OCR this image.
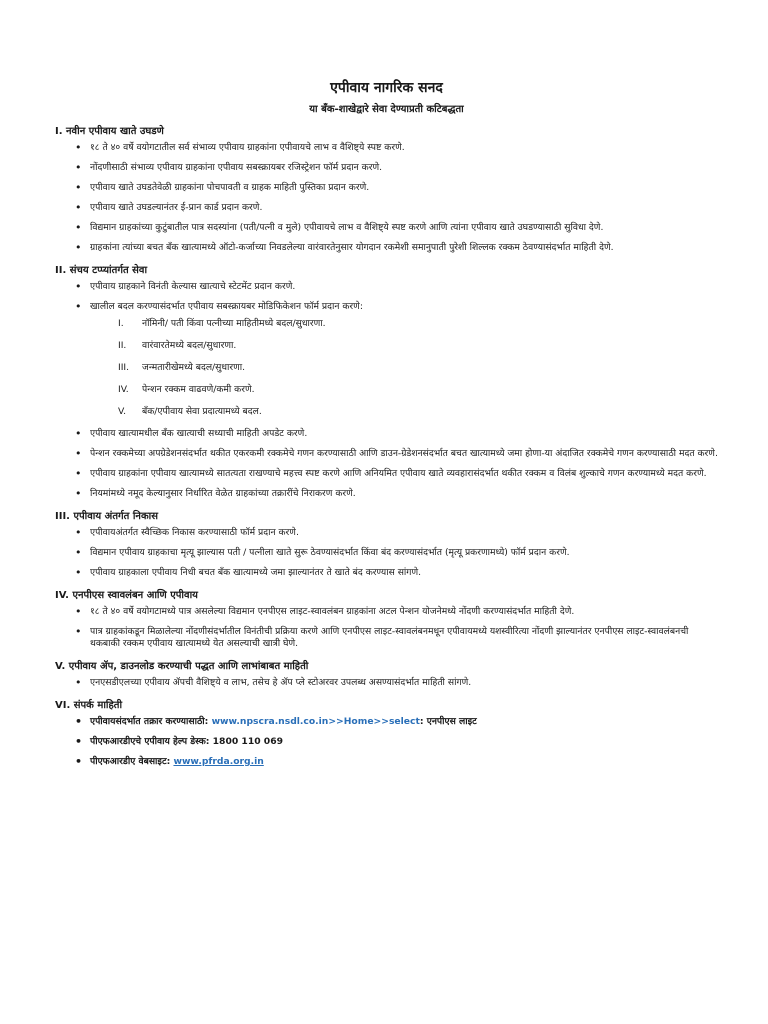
एपीवाय नागरिक सनद
या बँक-शाखेद्वारे सेवा देण्याप्रती कटिबद्धता
I. नवीन एपीवाय खाते उघडणे
• १८ ते ४० वर्षे वयोगटातील सर्व संभाव्य एपीवाय ग्राहकांना एपीवायचे लाभ व वैशिष्ट्ये स्पष्ट करणे.
• नोंदणीसाठी संभाव्य एपीवाय ग्राहकांना एपीवाय सबस्क्रायबर रजिस्ट्रेशन फॉर्म प्रदान करणे.
• एपीवाय खाते उघडतेवेळी ग्राहकांना पोचपावती व ग्राहक माहिती पुस्तिका प्रदान करणे.
• एपीवाय खाते उघडल्यानंतर ई-प्रान कार्ड प्रदान करणे.
• विद्यमान ग्राहकांच्या कुटुंबातील पात्र सदस्यांना (पती/पत्नी व मुले) एपीवायचे लाभ व वैशिष्ट्ये स्पष्ट करणे आणि त्यांना एपीवाय खाते उघडण्यासाठी सुविधा देणे.
• ग्राहकांना त्यांच्या बचत बँक खात्यामध्ये ऑटो-कर्जाच्या निवडलेल्या वारंवारतेनुसार योगदान रकमेशी समानुपाती पुरेशी शिल्लक रक्कम ठेवण्यासंदर्भात माहिती देणे.
II. संचय टप्प्यांतर्गत सेवा
• एपीवाय ग्राहकाने विनंती केल्यास खात्याचे स्टेटमेंट प्रदान करणे.
• खालील बदल करण्यासंदर्भात एपीवाय सबस्क्रायबर मोडिफिकेशन फॉर्म प्रदान करणे:
I. नॉमिनी/ पती किंवा पत्नीच्या माहितीमध्ये बदल/सुधारणा.
II. वारंवारतेमध्ये बदल/सुधारणा.
III. जन्मतारीखेमध्ये बदल/सुधारणा.
IV. पेन्शन रक्कम वाढवणे/कमी करणे.
V. बँक/एपीवाय सेवा प्रदात्यामध्ये बदल.
• एपीवाय खात्यामधील बँक खात्याची सध्याची माहिती अपडेट करणे.
• पेन्शन रक्कमेच्या अपग्रेडेशनसंदर्भात थकीत एकरकमी रक्कमेचे गणन करण्यासाठी आणि डाउन-ग्रेडेशनसंदर्भात बचत खात्यामध्ये जमा होणा-या अंदाजित रक्कमेचे गणन करण्यासाठी मदत करणे.
• एपीवाय ग्राहकांना एपीवाय खात्यामध्ये सातत्यता राखण्याचे महत्त्व स्पष्ट करणे आणि अनियमित एपीवाय खाते व्यवहारासंदर्भात थकीत रक्कम व विलंब शुल्काचे गणन करण्यामध्ये मदत करणे.
• नियमांमध्ये नमूद केल्यानुसार निर्धारित वेळेत ग्राहकांच्या तक्रारींचे निराकरण करणे.
III. एपीवाय अंतर्गत निकास
• एपीवायअंतर्गत स्वैच्छिक निकास करण्यासाठी फॉर्म प्रदान करणे.
• विद्यमान एपीवाय ग्राहकाचा मृत्यू झाल्यास पती / पत्नीला खाते सुरू ठेवण्यासंदर्भात किंवा बंद करण्यासंदर्भात (मृत्यू प्रकरणामध्ये) फॉर्म प्रदान करणे.
• एपीवाय ग्राहकाला एपीवाय निधी बचत बँक खात्यामध्ये जमा झाल्यानंतर ते खाते बंद करण्यास सांगणे.
IV. एनपीएस स्वावलंबन आणि एपीवाय
• १८ ते ४० वर्षे वयोगटामध्ये पात्र असलेल्या विद्यमान एनपीएस लाइट-स्वावलंबन ग्राहकांना अटल पेन्शन योजनेमध्ये नोंदणी करण्यासंदर्भात माहिती देणे.
• पात्र ग्राहकांकडून मिळालेल्या नोंदणीसंदर्भातील विनंतीची प्रक्रिया करणे आणि एनपीएस लाइट-स्वावलंबनमधून एपीवायमध्ये यशस्वीरित्या नोंदणी झाल्यानंतर एनपीएस लाइट-स्वावलंबनची थकबाकी रक्कम एपीवाय खात्यामध्ये येत असल्याची खात्री घेणे.
V. एपीवाय ॲप, डाउनलोड करण्याची पद्धत आणि लाभांबाबत माहिती
• एनएसडीएलच्या एपीवाय ॲपची वैशिष्ट्ये व लाभ, तसेच हे ॲप प्ले स्टोअरवर उपलब्ध असण्यासंदर्भात माहिती सांगणे.
VI. संपर्क माहिती
• एपीवायसंदर्भात तक्रार करण्यासाठी: www.npscra.nsdl.co.in>>Home>>select: एनपीएस लाइट
• पीएफआरडीएचे एपीवाय हेल्प डेस्क: 1800 110 069
• पीएफआरडीए वेबसाइट: www.pfrda.org.in
